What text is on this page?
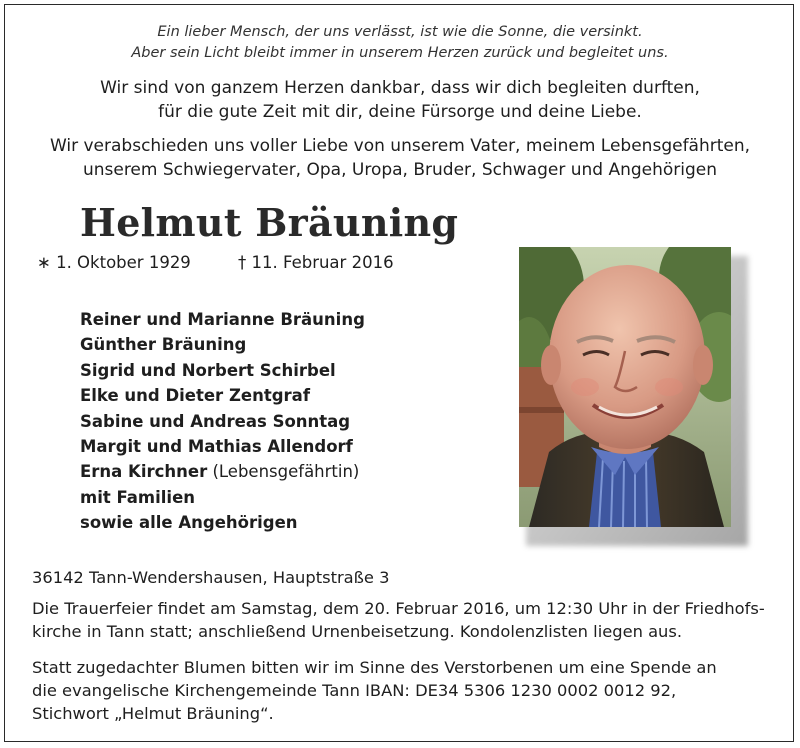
Ein lieber Mensch, der uns verlässt, ist wie die Sonne, die versinkt.
Aber sein Licht bleibt immer in unserem Herzen zurück und begleitet uns.
Wir sind von ganzem Herzen dankbar, dass wir dich begleiten durften,
für die gute Zeit mit dir, deine Fürsorge und deine Liebe.
Wir verabschieden uns voller Liebe von unserem Vater, meinem Lebensgefährten,
unserem Schwiegervater, Opa, Uropa, Bruder, Schwager und Angehörigen
Helmut Bräuning
∗ 1. Oktober 1929	† 11. Februar 2016
Reiner und Marianne Bräuning
Günther Bräuning
Sigrid und Norbert Schirbel
Elke und Dieter Zentgraf
Sabine und Andreas Sonntag
Margit und Mathias Allendorf
Erna Kirchner (Lebensgefährtin)
mit Familien
sowie alle Angehörigen
36142 Tann-Wendershausen, Hauptstraße 3
Die Trauerfeier findet am Samstag, dem 20. Februar 2016, um 12:30 Uhr in der Friedhofs-
kirche in Tann statt; anschließend Urnenbeisetzung. Kondolenzlisten liegen aus.
Statt zugedachter Blumen bitten wir im Sinne des Verstorbenen um eine Spende an
die evangelische Kirchengemeinde Tann IBAN: DE34 5306 1230 0002 0012 92,
Stichwort „Helmut Bräuning“.
